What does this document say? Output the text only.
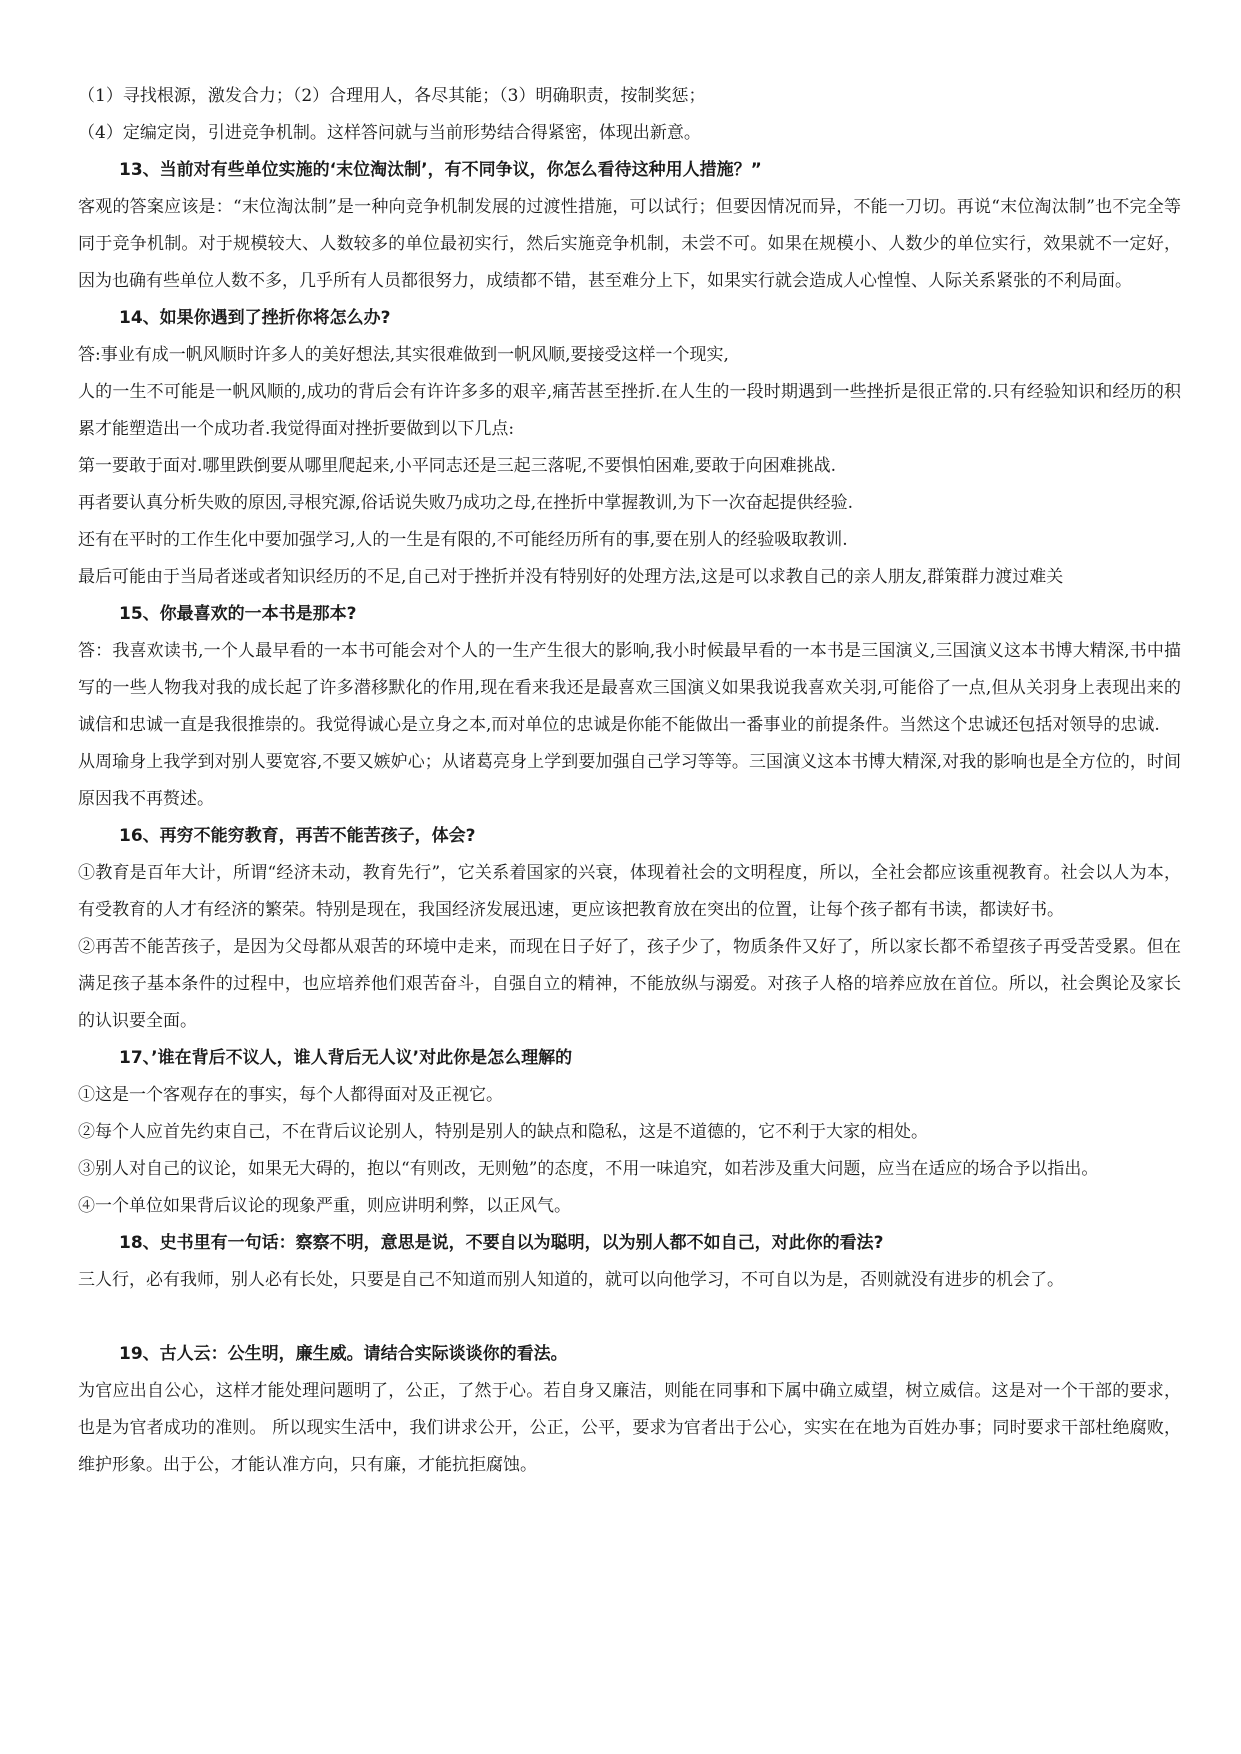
（1）寻找根源，激发合力；（2）合理用人，各尽其能；（3）明确职责，按制奖惩；

（4）定编定岗，引进竞争机制。这样答问就与当前形势结合得紧密，体现出新意。

13、当前对有些单位实施的‘末位淘汰制’，有不同争议，你怎么看待这种用人措施？”

客观的答案应该是：“末位淘汰制”是一种向竞争机制发展的过渡性措施，可以试行；但要因情况而异，不能一刀切。再说“末位淘汰制”也不完全等同于竞争机制。对于规模较大、人数较多的单位最初实行，然后实施竞争机制，未尝不可。如果在规模小、人数少的单位实行，效果就不一定好，因为也确有些单位人数不多，几乎所有人员都很努力，成绩都不错，甚至难分上下，如果实行就会造成人心惶惶、人际关系紧张的不利局面。

14、如果你遇到了挫折你将怎么办?

答:事业有成一帆风顺时许多人的美好想法,其实很难做到一帆风顺,要接受这样一个现实,

人的一生不可能是一帆风顺的,成功的背后会有许许多多的艰辛,痛苦甚至挫折.在人生的一段时期遇到一些挫折是很正常的.只有经验知识和经历的积累才能塑造出一个成功者.我觉得面对挫折要做到以下几点:

第一要敢于面对.哪里跌倒要从哪里爬起来,小平同志还是三起三落呢,不要惧怕困难,要敢于向困难挑战.

再者要认真分析失败的原因,寻根究源,俗话说失败乃成功之母,在挫折中掌握教训,为下一次奋起提供经验.

还有在平时的工作生化中要加强学习,人的一生是有限的,不可能经历所有的事,要在别人的经验吸取教训.

最后可能由于当局者迷或者知识经历的不足,自己对于挫折并没有特别好的处理方法,这是可以求教自己的亲人朋友,群策群力渡过难关

15、你最喜欢的一本书是那本?

答：我喜欢读书,一个人最早看的一本书可能会对个人的一生产生很大的影响,我小时候最早看的一本书是三国演义,三国演义这本书博大精深,书中描写的一些人物我对我的成长起了许多潜移默化的作用,现在看来我还是最喜欢三国演义如果我说我喜欢关羽,可能俗了一点,但从关羽身上表现出来的诚信和忠诚一直是我很推崇的。我觉得诚心是立身之本,而对单位的忠诚是你能不能做出一番事业的前提条件。当然这个忠诚还包括对领导的忠诚.

从周瑜身上我学到对别人要宽容,不要又嫉妒心；从诸葛亮身上学到要加强自己学习等等。三国演义这本书博大精深,对我的影响也是全方位的，时间原因我不再赘述。

16、再穷不能穷教育，再苦不能苦孩子，体会?

①教育是百年大计，所谓“经济未动，教育先行”，它关系着国家的兴衰，体现着社会的文明程度，所以，全社会都应该重视教育。社会以人为本，有受教育的人才有经济的繁荣。特别是现在，我国经济发展迅速，更应该把教育放在突出的位置，让每个孩子都有书读，都读好书。

②再苦不能苦孩子，是因为父母都从艰苦的环境中走来，而现在日子好了，孩子少了，物质条件又好了，所以家长都不希望孩子再受苦受累。但在满足孩子基本条件的过程中，也应培养他们艰苦奋斗，自强自立的精神，不能放纵与溺爱。对孩子人格的培养应放在首位。所以，社会舆论及家长的认识要全面。

17、’谁在背后不议人，谁人背后无人议’对此你是怎么理解的

①这是一个客观存在的事实，每个人都得面对及正视它。

②每个人应首先约束自己，不在背后议论别人，特别是别人的缺点和隐私，这是不道德的，它不利于大家的相处。

③别人对自己的议论，如果无大碍的，抱以“有则改，无则勉”的态度，不用一味追究，如若涉及重大问题，应当在适应的场合予以指出。

④一个单位如果背后议论的现象严重，则应讲明利弊，以正风气。

18、史书里有一句话：察察不明，意思是说，不要自以为聪明，以为别人都不如自己，对此你的看法?

三人行，必有我师，别人必有长处，只要是自己不知道而别人知道的，就可以向他学习，不可自以为是，否则就没有进步的机会了。

19、古人云：公生明，廉生威。请结合实际谈谈你的看法。

为官应出自公心，这样才能处理问题明了，公正，了然于心。若自身又廉洁，则能在同事和下属中确立威望，树立威信。这是对一个干部的要求，也是为官者成功的准则。 所以现实生活中，我们讲求公开，公正，公平，要求为官者出于公心，实实在在地为百姓办事；同时要求干部杜绝腐败，维护形象。出于公，才能认准方向，只有廉，才能抗拒腐蚀。
